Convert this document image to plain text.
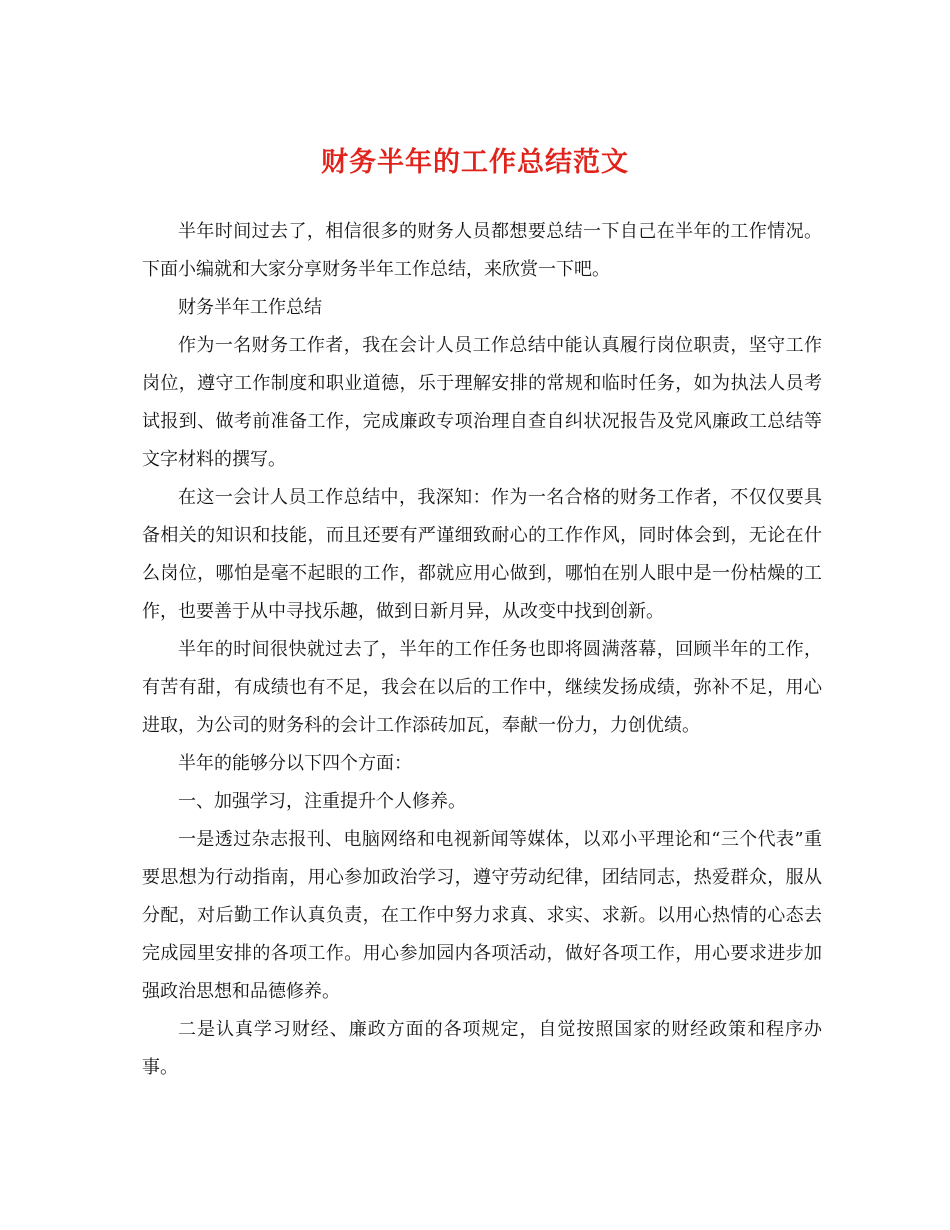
财务半年的工作总结范文

半年时间过去了，相信很多的财务人员都想要总结一下自己在半年的工作情况。下面小编就和大家分享财务半年工作总结，来欣赏一下吧。

财务半年工作总结

作为一名财务工作者，我在会计人员工作总结中能认真履行岗位职责，坚守工作岗位，遵守工作制度和职业道德，乐于理解安排的常规和临时任务，如为执法人员考试报到、做考前准备工作，完成廉政专项治理自查自纠状况报告及党风廉政工总结等文字材料的撰写。

在这一会计人员工作总结中，我深知：作为一名合格的财务工作者，不仅仅要具备相关的知识和技能，而且还要有严谨细致耐心的工作作风，同时体会到，无论在什么岗位，哪怕是毫不起眼的工作，都就应用心做到，哪怕在别人眼中是一份枯燥的工作，也要善于从中寻找乐趣，做到日新月异，从改变中找到创新。

半年的时间很快就过去了，半年的工作任务也即将圆满落幕，回顾半年的工作，有苦有甜，有成绩也有不足，我会在以后的工作中，继续发扬成绩，弥补不足，用心进取，为公司的财务科的会计工作添砖加瓦，奉献一份力，力创优绩。

半年的能够分以下四个方面：

一、加强学习，注重提升个人修养。

一是透过杂志报刊、电脑网络和电视新闻等媒体，以邓小平理论和“三个代表”重要思想为行动指南，用心参加政治学习，遵守劳动纪律，团结同志，热爱群众，服从分配，对后勤工作认真负责，在工作中努力求真、求实、求新。以用心热情的心态去完成园里安排的各项工作。用心参加园内各项活动，做好各项工作，用心要求进步加强政治思想和品德修养。

二是认真学习财经、廉政方面的各项规定，自觉按照国家的财经政策和程序办事。
